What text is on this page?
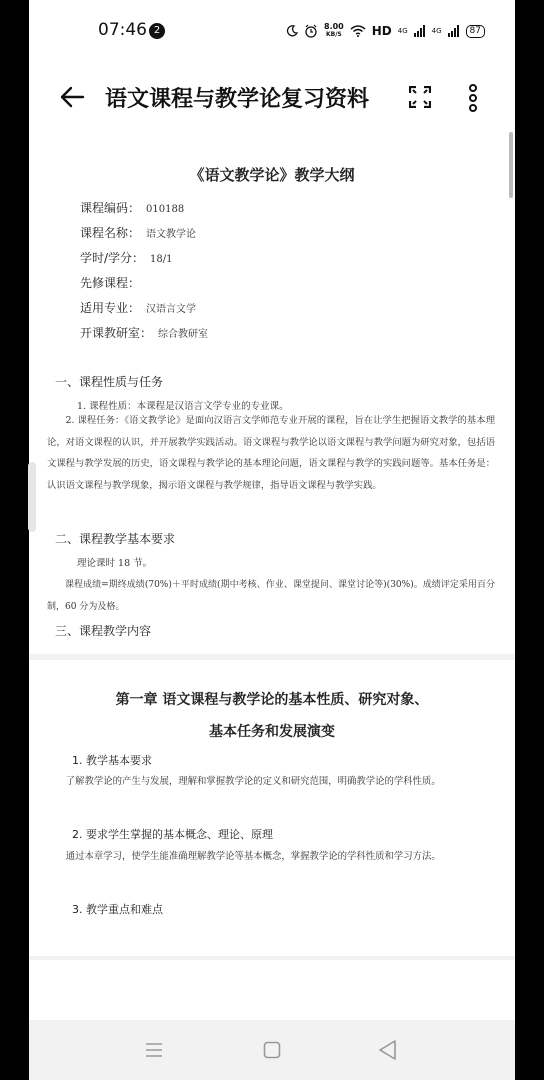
07:46 2	8.00
KB/S	HD 4G	4G	87
语文课程与教学论复习资料
《语文教学论》教学大纲
课程编码： 010188
课程名称： 语文教学论
学时/学分： 18/1
先修课程：
适用专业： 汉语言文学
开课教研室： 综合教研室
一、课程性质与任务
1. 课程性质：本课程是汉语言文学专业的专业课。

2. 课程任务：《语文教学论》是面向汉语言文学师范专业开展的课程，旨在让学生把握语文教学的基本理论，对语文课程的认识，并开展教学实践活动。语文课程与教学论以语文课程与教学问题为研究对象，包括语文课程与教学发展的历史，语文课程与教学论的基本理论问题，语文课程与教学的实践问题等。基本任务是：认识语文课程与教学现象，揭示语文课程与教学规律，指导语文课程与教学实践。

二、课程教学基本要求
理论课时 18 节。

课程成绩=期终成绩(70%)＋平时成绩(期中考核、作业、课堂提问、课堂讨论等)(30%)。成绩评定采用百分制，60 分为及格。

三、课程教学内容
第一章 语文课程与教学论的基本性质、研究对象、
基本任务和发展演变
1. 教学基本要求

了解教学论的产生与发展，理解和掌握教学论的定义和研究范围，明确教学论的学科性质。

2. 要求学生掌握的基本概念、理论、原理

通过本章学习，使学生能准确理解教学论等基本概念，掌握教学论的学科性质和学习方法。

3. 教学重点和难点
